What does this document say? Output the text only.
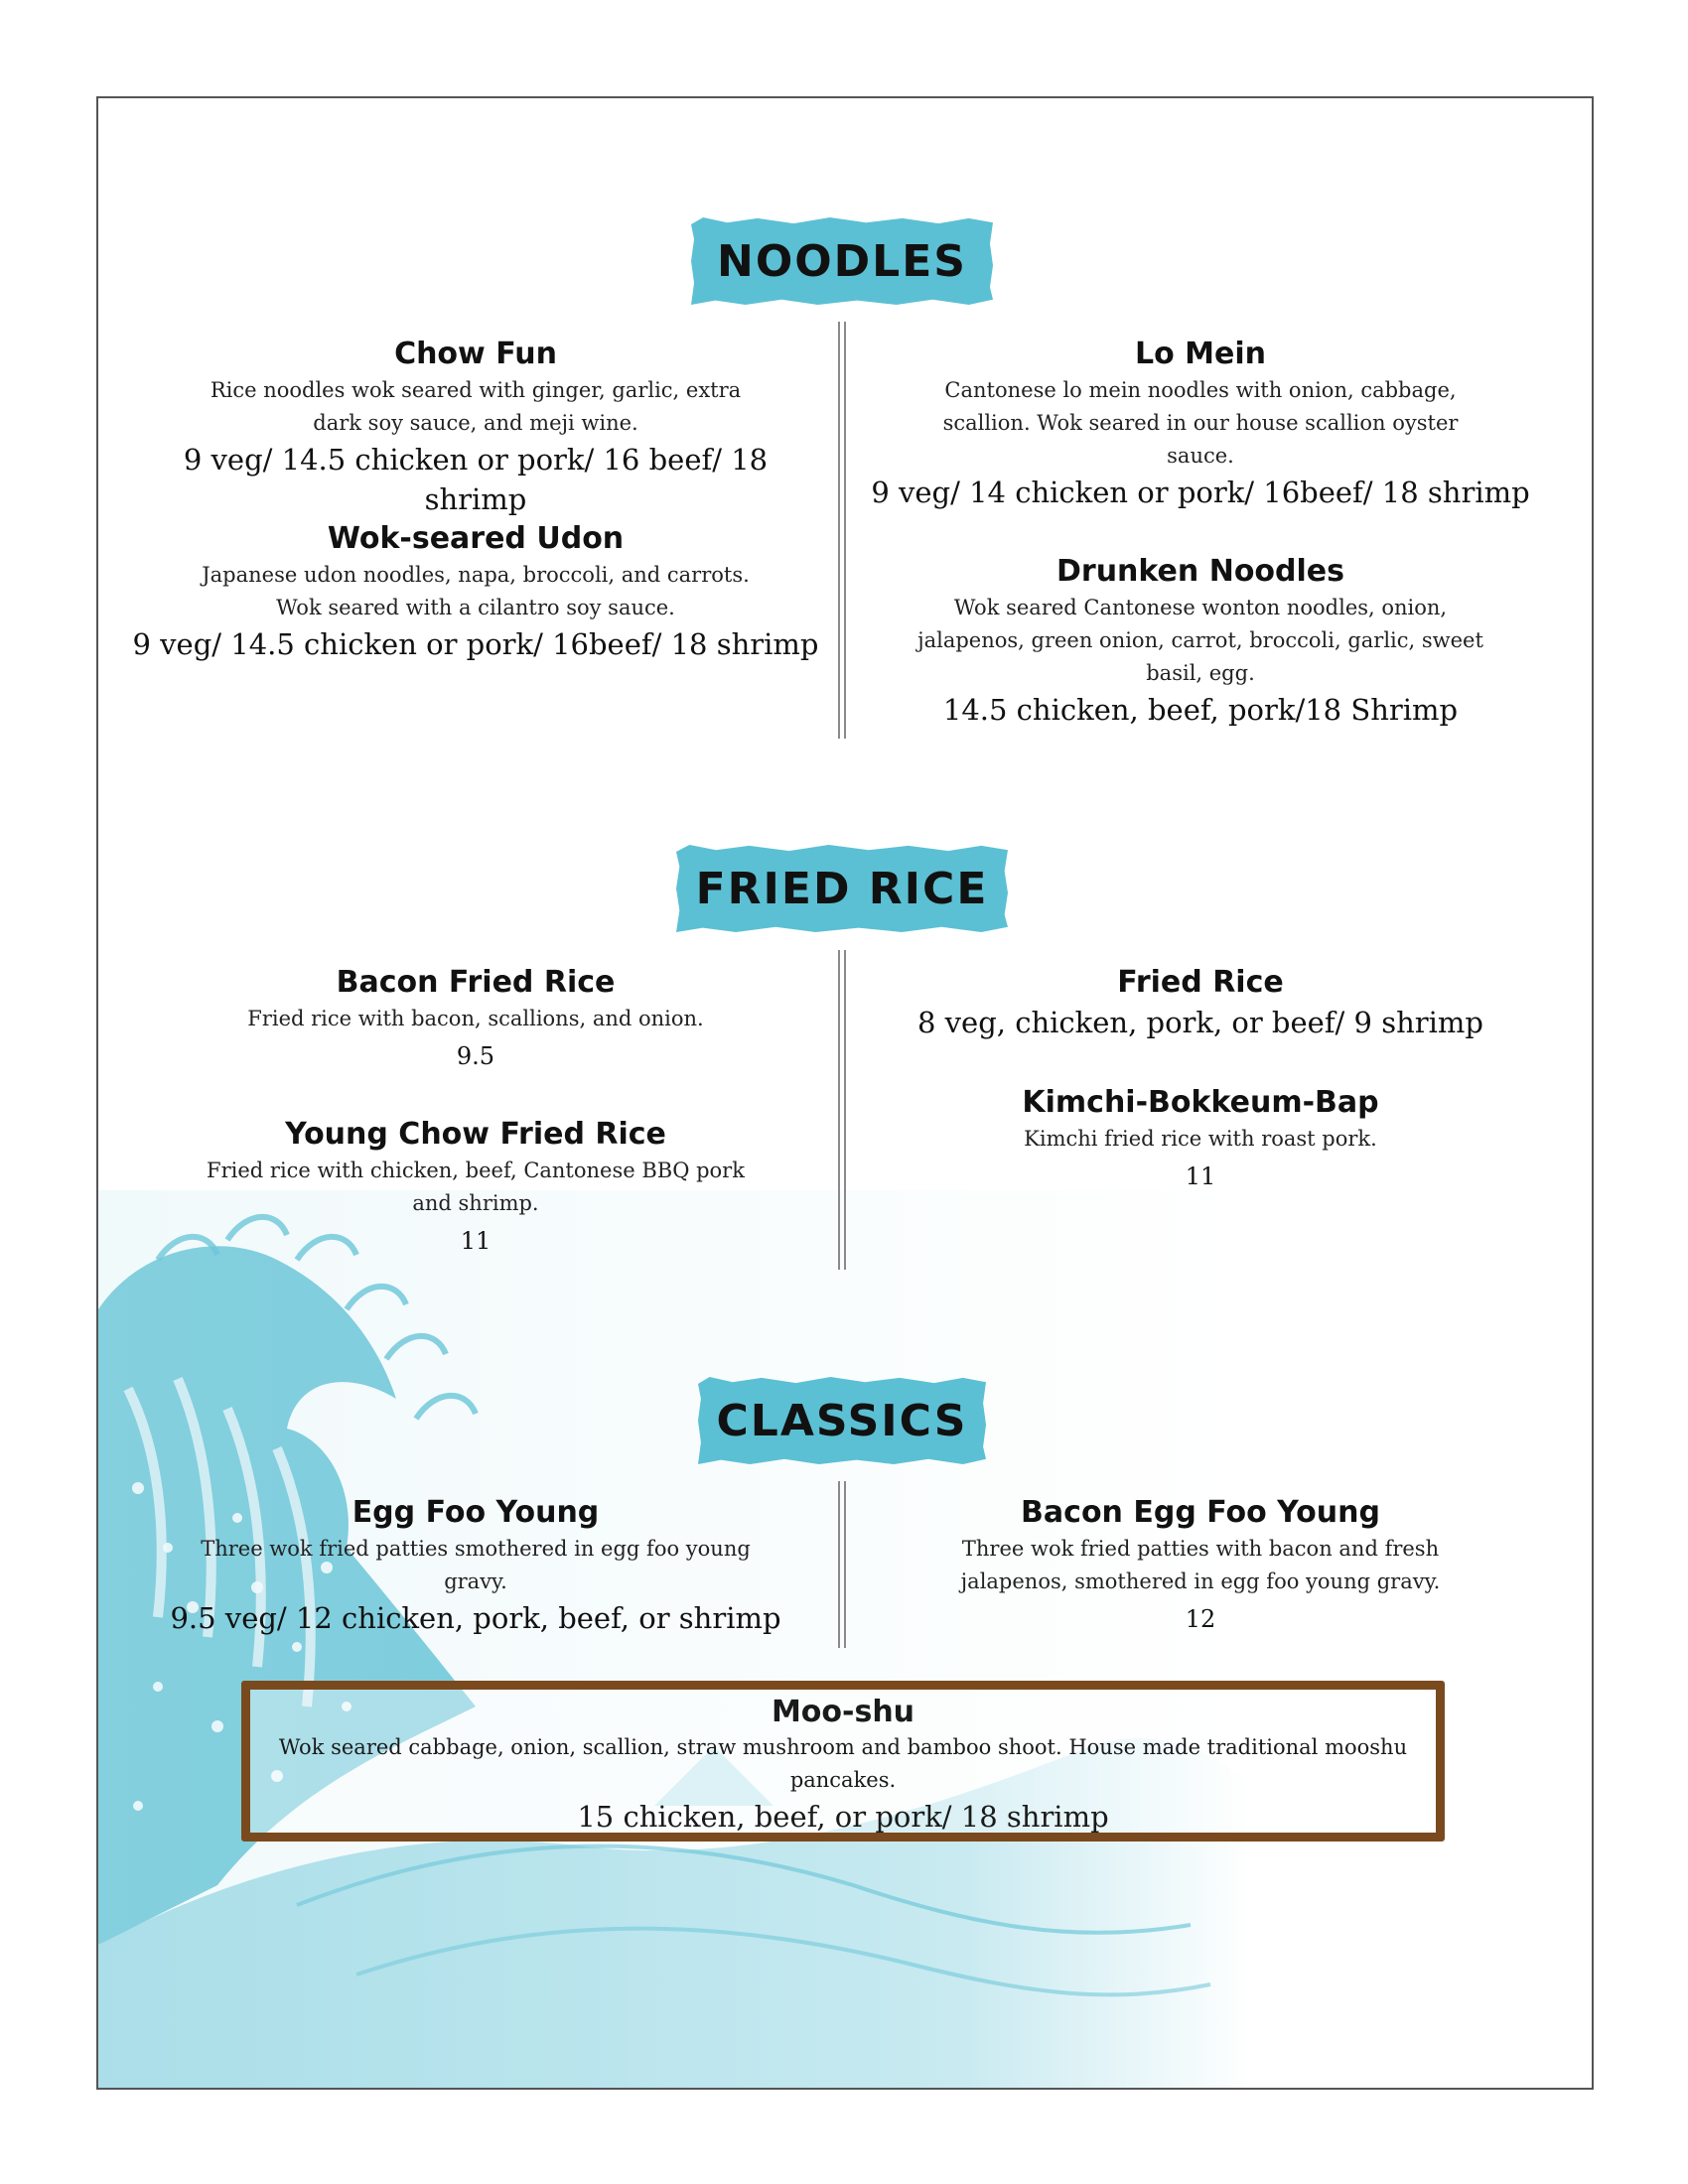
NOODLES
Chow Fun
Rice noodles wok seared with ginger, garlic, extra
dark soy sauce, and meji wine.
9 veg/ 14.5 chicken or pork/ 16 beef/ 18 shrimp
Wok-seared Udon
Japanese udon noodles, napa, broccoli, and carrots.
Wok seared with a cilantro soy sauce.
9 veg/ 14.5 chicken or pork/ 16beef/ 18 shrimp
Lo Mein
Cantonese lo mein noodles with onion, cabbage,
scallion. Wok seared in our house scallion oyster
sauce.
9 veg/ 14 chicken or pork/ 16beef/ 18 shrimp
Drunken Noodles
Wok seared Cantonese wonton noodles, onion,
jalapenos, green onion, carrot, broccoli, garlic, sweet
basil, egg.
14.5 chicken, beef, pork/18 Shrimp
FRIED RICE
Bacon Fried Rice
Fried rice with bacon, scallions, and onion.
9.5
Young Chow Fried Rice
Fried rice with chicken, beef, Cantonese BBQ pork
and shrimp.
11
Fried Rice
8 veg, chicken, pork, or beef/ 9 shrimp
Kimchi-Bokkeum-Bap
Kimchi fried rice with roast pork.
11
CLASSICS
Egg Foo Young
Three wok fried patties smothered in egg foo young
gravy.
9.5 veg/ 12 chicken, pork, beef, or shrimp
Bacon Egg Foo Young
Three wok fried patties with bacon and fresh
jalapenos, smothered in egg foo young gravy.
12
Moo-shu
Wok seared cabbage, onion, scallion, straw mushroom and bamboo shoot. House made traditional mooshu
pancakes.
15 chicken, beef, or pork/ 18 shrimp
